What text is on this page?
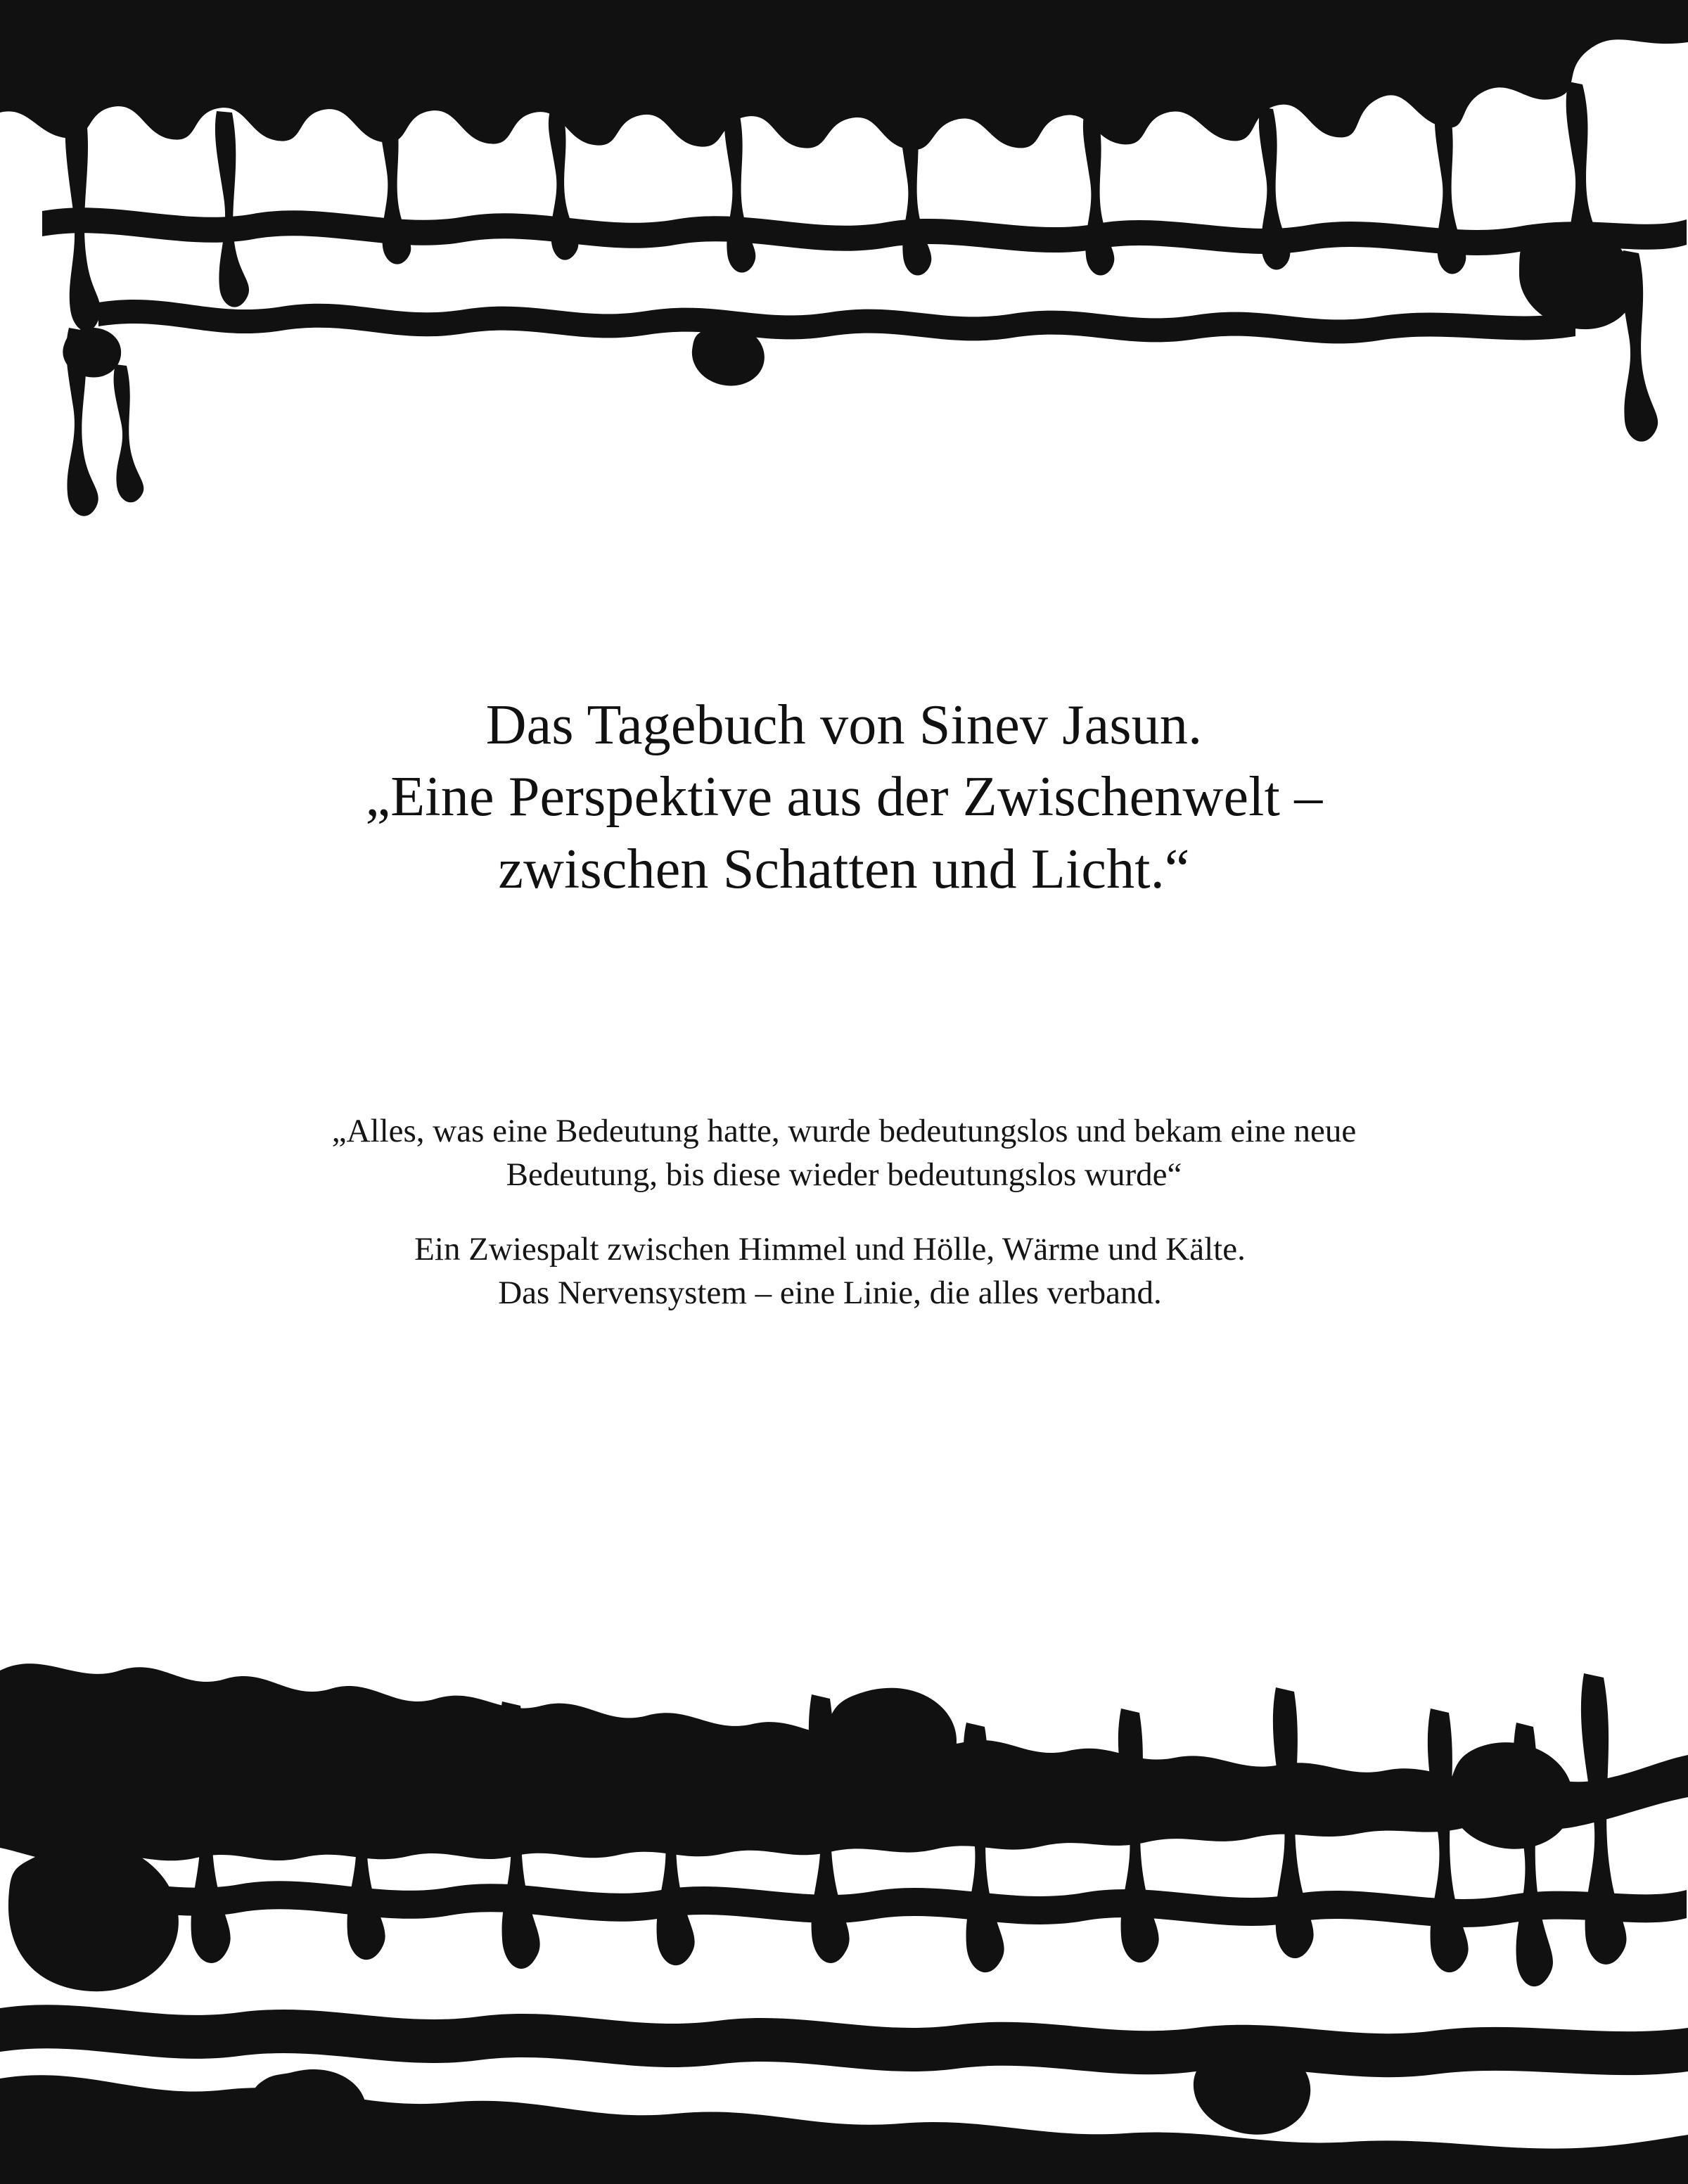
Das Tagebuch von Sinev Jasun.
„Eine Perspektive aus der Zwischenwelt –
zwischen Schatten und Licht.“
„Alles, was eine Bedeutung hatte, wurde bedeutungslos und bekam eine neue Bedeutung, bis diese wieder bedeutungslos wurde“
Ein Zwiespalt zwischen Himmel und Hölle, Wärme und Kälte.
Das Nervensystem – eine Linie, die alles verband.
